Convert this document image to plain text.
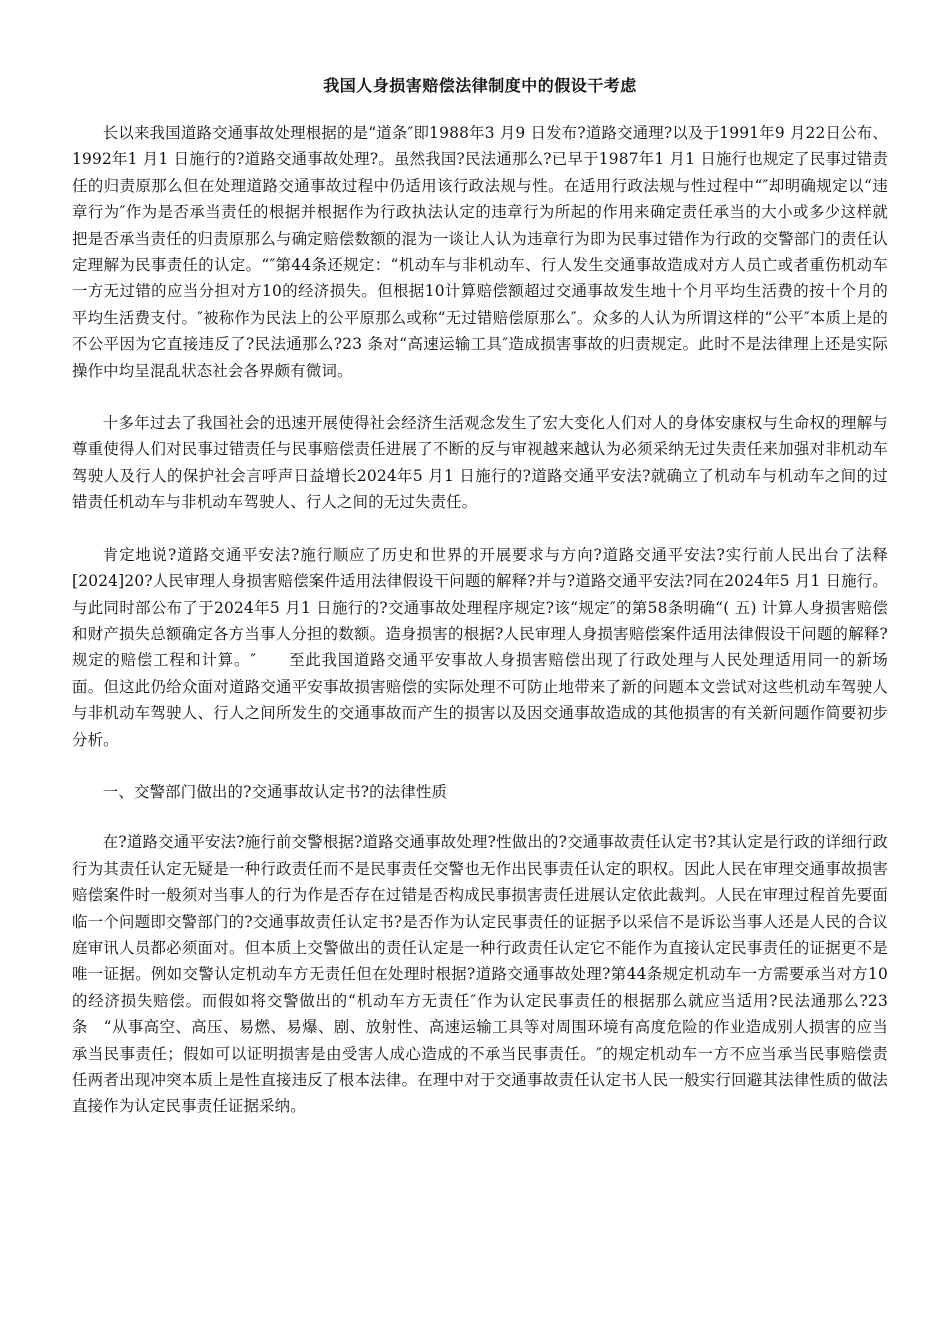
我国人身损害赔偿法律制度中的假设干考虑

长以来我国道路交通事故处理根据的是“道条″即1988年3 月9 日发布?道路交通理?以及于1991年9 月22日公布、1992年1 月1 日施行的?道路交通事故处理?。虽然我国?民法通那么?已早于1987年1 月1 日施行也规定了民事过错责任的归责原那么但在处理道路交通事故过程中仍适用该行政法规与性。在适用行政法规与性过程中“″却明确规定以“违章行为″作为是否承当责任的根据并根据作为行政执法认定的违章行为所起的作用来确定责任承当的大小或多少这样就把是否承当责任的归责原那么与确定赔偿数额的混为一谈让人认为违章行为即为民事过错作为行政的交警部门的责任认定理解为民事责任的认定。“″第44条还规定：“机动车与非机动车、行人发生交通事故造成对方人员亡或者重伤机动车一方无过错的应当分担对方10的经济损失。但根据10计算赔偿额超过交通事故发生地十个月平均生活费的按十个月的平均生活费支付。″被称作为民法上的公平原那么或称“无过错赔偿原那么″。众多的人认为所谓这样的“公平″本质上是的不公平因为它直接违反了?民法通那么?23 条对“高速运输工具″造成损害事故的归责规定。此时不是法律理上还是实际操作中均呈混乱状态社会各界颇有微词。

十多年过去了我国社会的迅速开展使得社会经济生活观念发生了宏大变化人们对人的身体安康权与生命权的理解与尊重使得人们对民事过错责任与民事赔偿责任进展了不断的反与审视越来越认为必须采纳无过失责任来加强对非机动车驾驶人及行人的保护社会言呼声日益增长2024年5 月1 日施行的?道路交通平安法?就确立了机动车与机动车之间的过错责任机动车与非机动车驾驶人、行人之间的无过失责任。

肯定地说?道路交通平安法?施行顺应了历史和世界的开展要求与方向?道路交通平安法?实行前人民出台了法释[2024]20?人民审理人身损害赔偿案件适用法律假设干问题的解释?并与?道路交通平安法?同在2024年5 月1 日施行。与此同时部公布了于2024年5 月1 日施行的?交通事故处理程序规定?该“规定″的第58条明确“( 五) 计算人身损害赔偿和财产损失总额确定各方当事人分担的数额。造身损害的根据?人民审理人身损害赔偿案件适用法律假设干问题的解释?规定的赔偿工程和计算。″　　至此我国道路交通平安事故人身损害赔偿出现了行政处理与人民处理适用同一的新场面。但这此仍给众面对道路交通平安事故损害赔偿的实际处理不可防止地带来了新的问题本文尝试对这些机动车驾驶人与非机动车驾驶人、行人之间所发生的交通事故而产生的损害以及因交通事故造成的其他损害的有关新问题作简要初步分析。

一、交警部门做出的?交通事故认定书?的法律性质

在?道路交通平安法?施行前交警根据?道路交通事故处理?性做出的?交通事故责任认定书?其认定是行政的详细行政行为其责任认定无疑是一种行政责任而不是民事责任交警也无作出民事责任认定的职权。因此人民在审理交通事故损害赔偿案件时一般须对当事人的行为作是否存在过错是否构成民事损害责任进展认定依此裁判。人民在审理过程首先要面临一个问题即交警部门的?交通事故责任认定书?是否作为认定民事责任的证据予以采信不是诉讼当事人还是人民的合议庭审讯人员都必须面对。但本质上交警做出的责任认定是一种行政责任认定它不能作为直接认定民事责任的证据更不是唯一证据。例如交警认定机动车方无责任但在处理时根据?道路交通事故处理?第44条规定机动车一方需要承当对方10的经济损失赔偿。而假如将交警做出的“机动车方无责任″作为认定民事责任的根据那么就应当适用?民法通那么?23 条　“从事高空、高压、易燃、易爆、剧、放射性、高速运输工具等对周围环境有高度危险的作业造成别人损害的应当承当民事责任；假如可以证明损害是由受害人成心造成的不承当民事责任。″的规定机动车一方不应当承当民事赔偿责任两者出现冲突本质上是性直接违反了根本法律。在理中对于交通事故责任认定书人民一般实行回避其法律性质的做法直接作为认定民事责任证据采纳。
